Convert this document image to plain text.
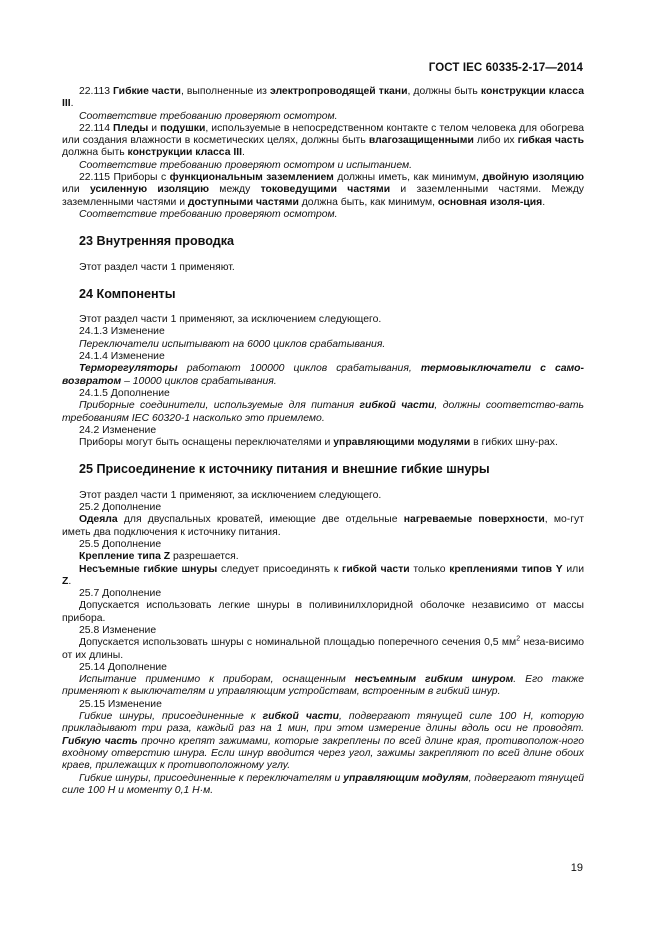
ГОСТ IEC 60335-2-17—2014

22.113 Гибкие части, выполненные из электропроводящей ткани, должны быть конструкции класса III.

Соответствие требованию проверяют осмотром.

22.114 Пледы и подушки, используемые в непосредственном контакте с телом человека для обогрева или создания влажности в косметических целях, должны быть влагозащищенными либо их гибкая часть должна быть конструкции класса III.

Соответствие требованию проверяют осмотром и испытанием.

22.115 Приборы с функциональным заземлением должны иметь, как минимум, двойную изоляцию или усиленную изоляцию между токоведущими частями и заземленными частями. Между заземленными частями и доступными частями должна быть, как минимум, основная изоля-ция.

Соответствие требованию проверяют осмотром.

23 Внутренняя проводка

Этот раздел части 1 применяют.

24 Компоненты

Этот раздел части 1 применяют, за исключением следующего.

24.1.3 Изменение

Переключатели испытывают на 6000 циклов срабатывания.

24.1.4 Изменение

Терморегуляторы работают 100000 циклов срабатывания, термовыключатели с само-возвратом – 10000 циклов срабатывания.

24.1.5 Дополнение

Приборные соединители, используемые для питания гибкой части, должны соответство-вать требованиям IEC 60320-1 насколько это приемлемо.

24.2 Изменение

Приборы могут быть оснащены переключателями и управляющими модулями в гибких шну-рах.

25 Присоединение к источнику питания и внешние гибкие шнуры

Этот раздел части 1 применяют, за исключением следующего.

25.2 Дополнение

Одеяла для двуспальных кроватей, имеющие две отдельные нагреваемые поверхности, мо-гут иметь два подключения к источнику питания.

25.5 Дополнение

Крепление типа Z разрешается.

Несъемные гибкие шнуры следует присоединять к гибкой части только креплениями типов Y или Z.

25.7 Дополнение

Допускается использовать легкие шнуры в поливинилхлоридной оболочке независимо от массы прибора.

25.8 Изменение

Допускается использовать шнуры с номинальной площадью поперечного сечения 0,5 $мм^2$ неза-висимо от их длины.

25.14 Дополнение

Испытание применимо к приборам, оснащенным несъемным гибким шнуром. Его также применяют к выключателям и управляющим устройствам, встроенным в гибкий шнур.

25.15 Изменение

Гибкие шнуры, присоединенные к гибкой части, подвергают тянущей силе 100 Н, которую прикладывают три раза, каждый раз на 1 мин, при этом измерение длины вдоль оси не проводят. Гибкую часть прочно крепят зажимами, которые закреплены по всей длине края, противополож-ного входному отверстию шнура. Если шнур вводится через угол, зажимы закрепляют по всей длине обоих краев, прилежащих к противоположному углу.

Гибкие шнуры, присоединенные к переключателям и управляющим модулям, подвергают тянущей силе 100 Н и моменту 0,1 Н·м.

19
